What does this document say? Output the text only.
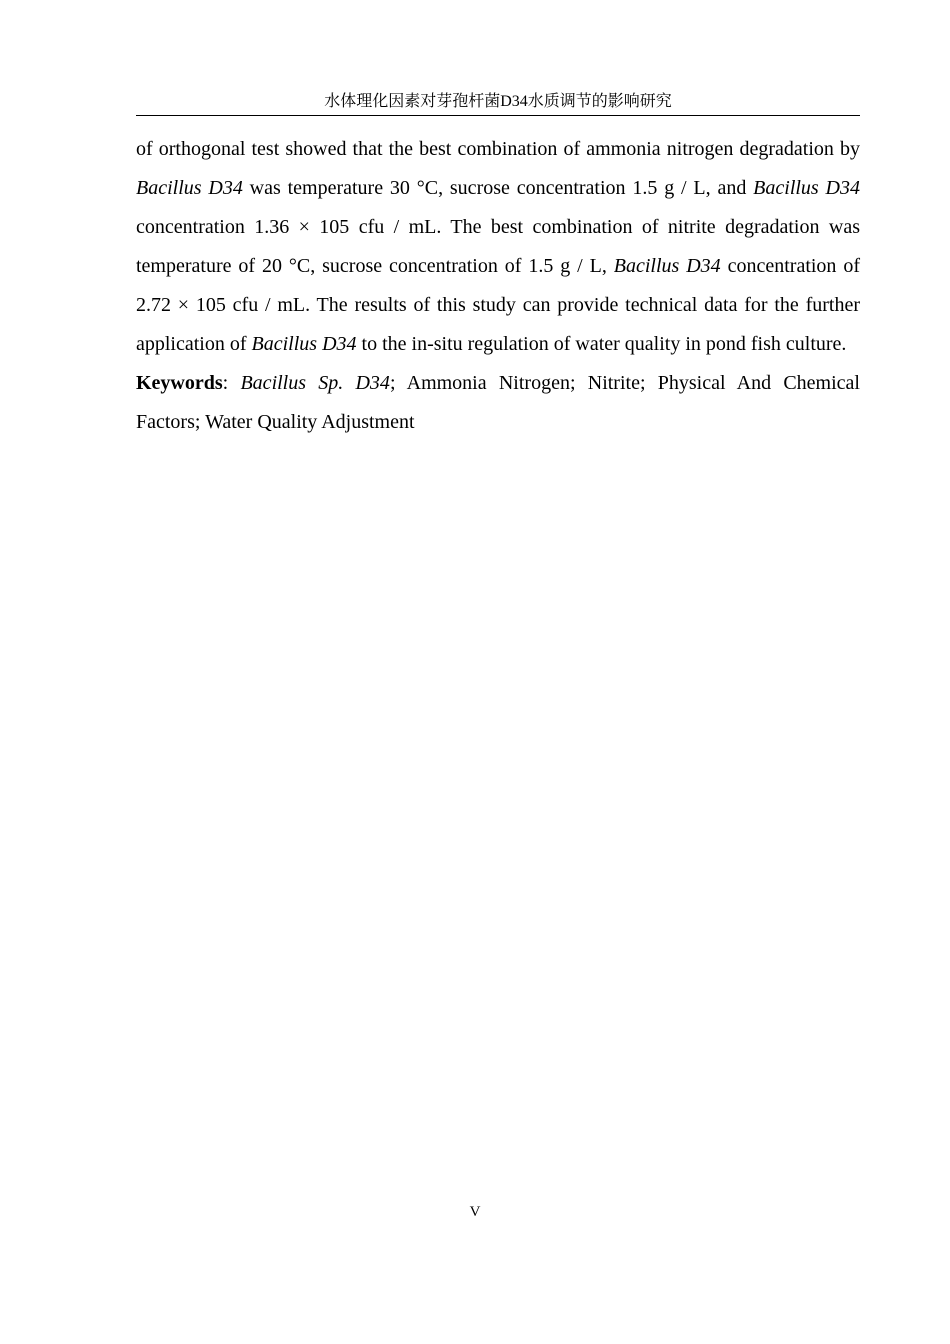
水体理化因素对芽孢杆菌D34水质调节的影响研究

of orthogonal test showed that the best combination of ammonia nitrogen degradation by Bacillus D34 was temperature 30 °C, sucrose concentration 1.5 g / L, and Bacillus D34 concentration 1.36 × 105 cfu / mL. The best combination of nitrite degradation was temperature of 20 °C, sucrose concentration of 1.5 g / L, Bacillus D34 concentration of 2.72 × 105 cfu / mL. The results of this study can provide technical data for the further application of Bacillus D34 to the in-situ regulation of water quality in pond fish culture.

Keywords: Bacillus Sp. D34; Ammonia Nitrogen; Nitrite; Physical And Chemical Factors; Water Quality Adjustment

V
